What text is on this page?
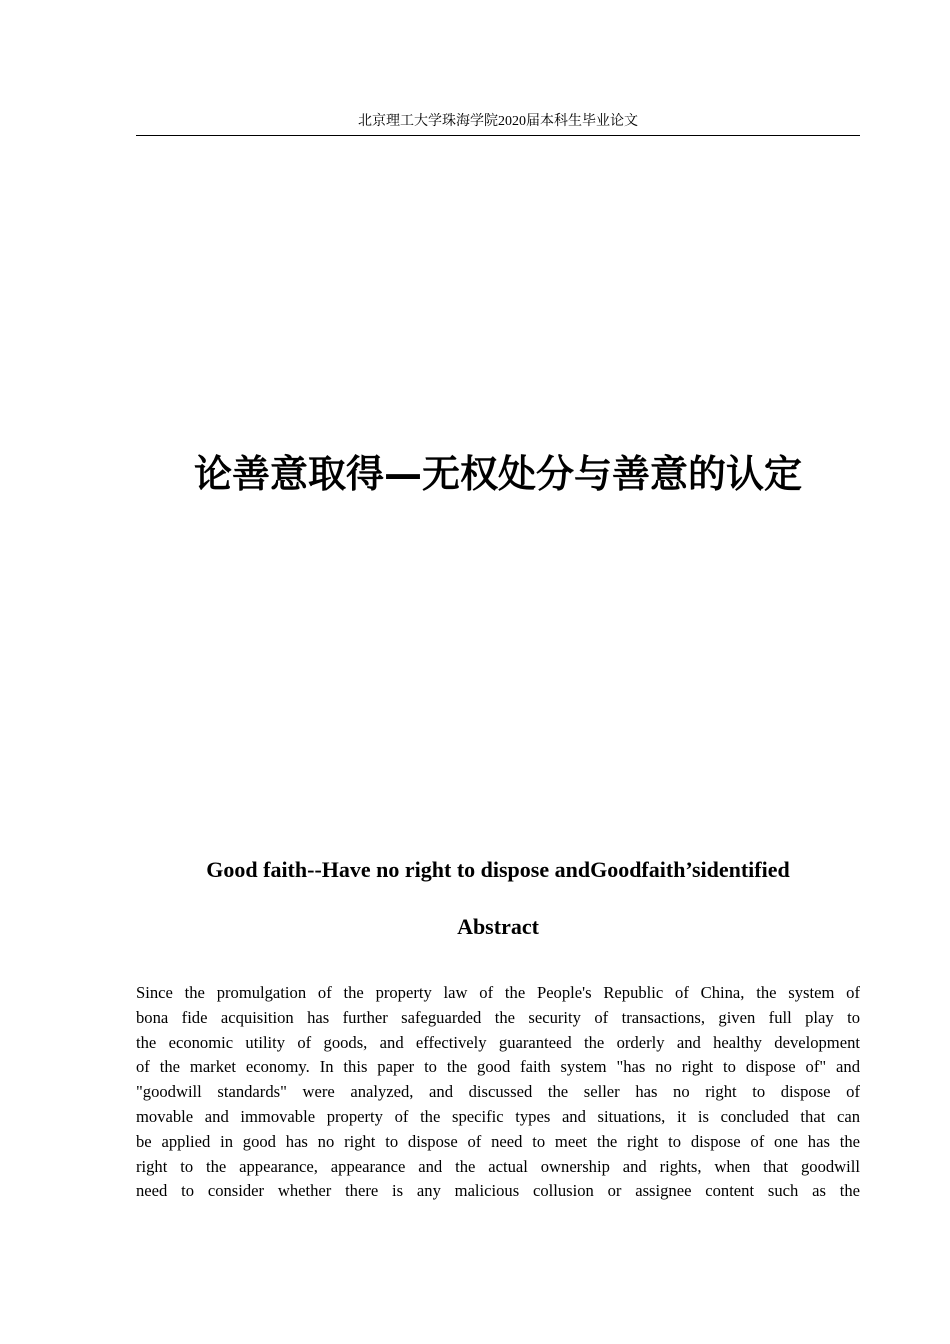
北京理工大学珠海学院2020届本科生毕业论文
论善意取得—无权处分与善意的认定
Good faith--Have no right to dispose andGoodfaith’sidentified
Abstract
Since the promulgation of the property law of the People's Republic of China, the system of
bona fide acquisition has further safeguarded the security of transactions, given full play to
the economic utility of goods, and effectively guaranteed the orderly and healthy development
of the market economy. In this paper to the good faith system "has no right to dispose of" and
"goodwill standards" were analyzed, and discussed the seller has no right to dispose of
movable and immovable property of the specific types and situations, it is concluded that can
be applied in good has no right to dispose of need to meet the right to dispose of one has the
right to the appearance, appearance and the actual ownership and rights, when that goodwill
need to consider whether there is any malicious collusion or assignee content such as the
